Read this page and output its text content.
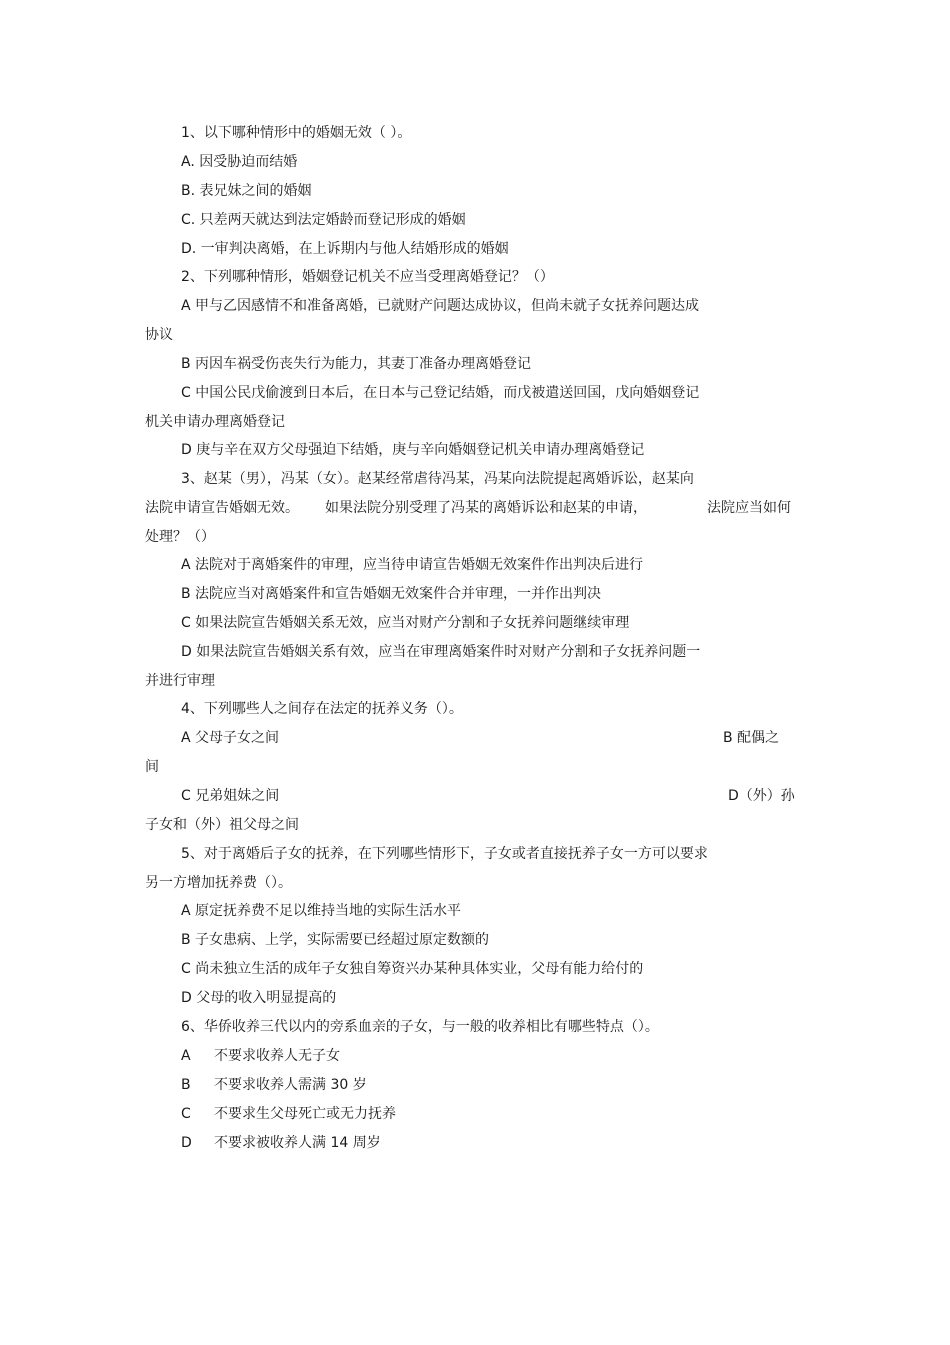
1、以下哪种情形中的婚姻无效（ ）。
A. 因受胁迫而结婚
B. 表兄妹之间的婚姻
C. 只差两天就达到法定婚龄而登记形成的婚姻
D. 一审判决离婚，在上诉期内与他人结婚形成的婚姻
2、下列哪种情形，婚姻登记机关不应当受理离婚登记？（）
A 甲与乙因感情不和准备离婚，已就财产问题达成协议，但尚未就子女抚养问题达成
协议
B 丙因车祸受伤丧失行为能力，其妻丁准备办理离婚登记
C 中国公民戊偷渡到日本后，在日本与己登记结婚，而戊被遣送回国，戊向婚姻登记
机关申请办理离婚登记
D 庚与辛在双方父母强迫下结婚，庚与辛向婚姻登记机关申请办理离婚登记
3、赵某（男），冯某（女）。赵某经常虐待冯某，冯某向法院提起离婚诉讼，赵某向
法院申请宣告婚姻无效。 如果法院分别受理了冯某的离婚诉讼和赵某的申请，	法院应当如何
处理？（）
A 法院对于离婚案件的审理，应当待申请宣告婚姻无效案件作出判决后进行
B 法院应当对离婚案件和宣告婚姻无效案件合并审理，一并作出判决
C 如果法院宣告婚姻关系无效，应当对财产分割和子女抚养问题继续审理
D 如果法院宣告婚姻关系有效，应当在审理离婚案件时对财产分割和子女抚养问题一
并进行审理
4、下列哪些人之间存在法定的抚养义务（）。
A 父母子女之间	B 配偶之
间
C 兄弟姐妹之间	D（外）孙
子女和（外）祖父母之间
5、对于离婚后子女的抚养，在下列哪些情形下，子女或者直接抚养子女一方可以要求
另一方增加抚养费（）。
A 原定抚养费不足以维持当地的实际生活水平
B 子女患病、上学，实际需要已经超过原定数额的
C 尚未独立生活的成年子女独自筹资兴办某种具体实业，父母有能力给付的
D 父母的收入明显提高的
6、华侨收养三代以内的旁系血亲的子女，与一般的收养相比有哪些特点（）。
A 不要求收养人无子女
B 不要求收养人需满 30 岁
C 不要求生父母死亡或无力抚养
D 不要求被收养人满 14 周岁
